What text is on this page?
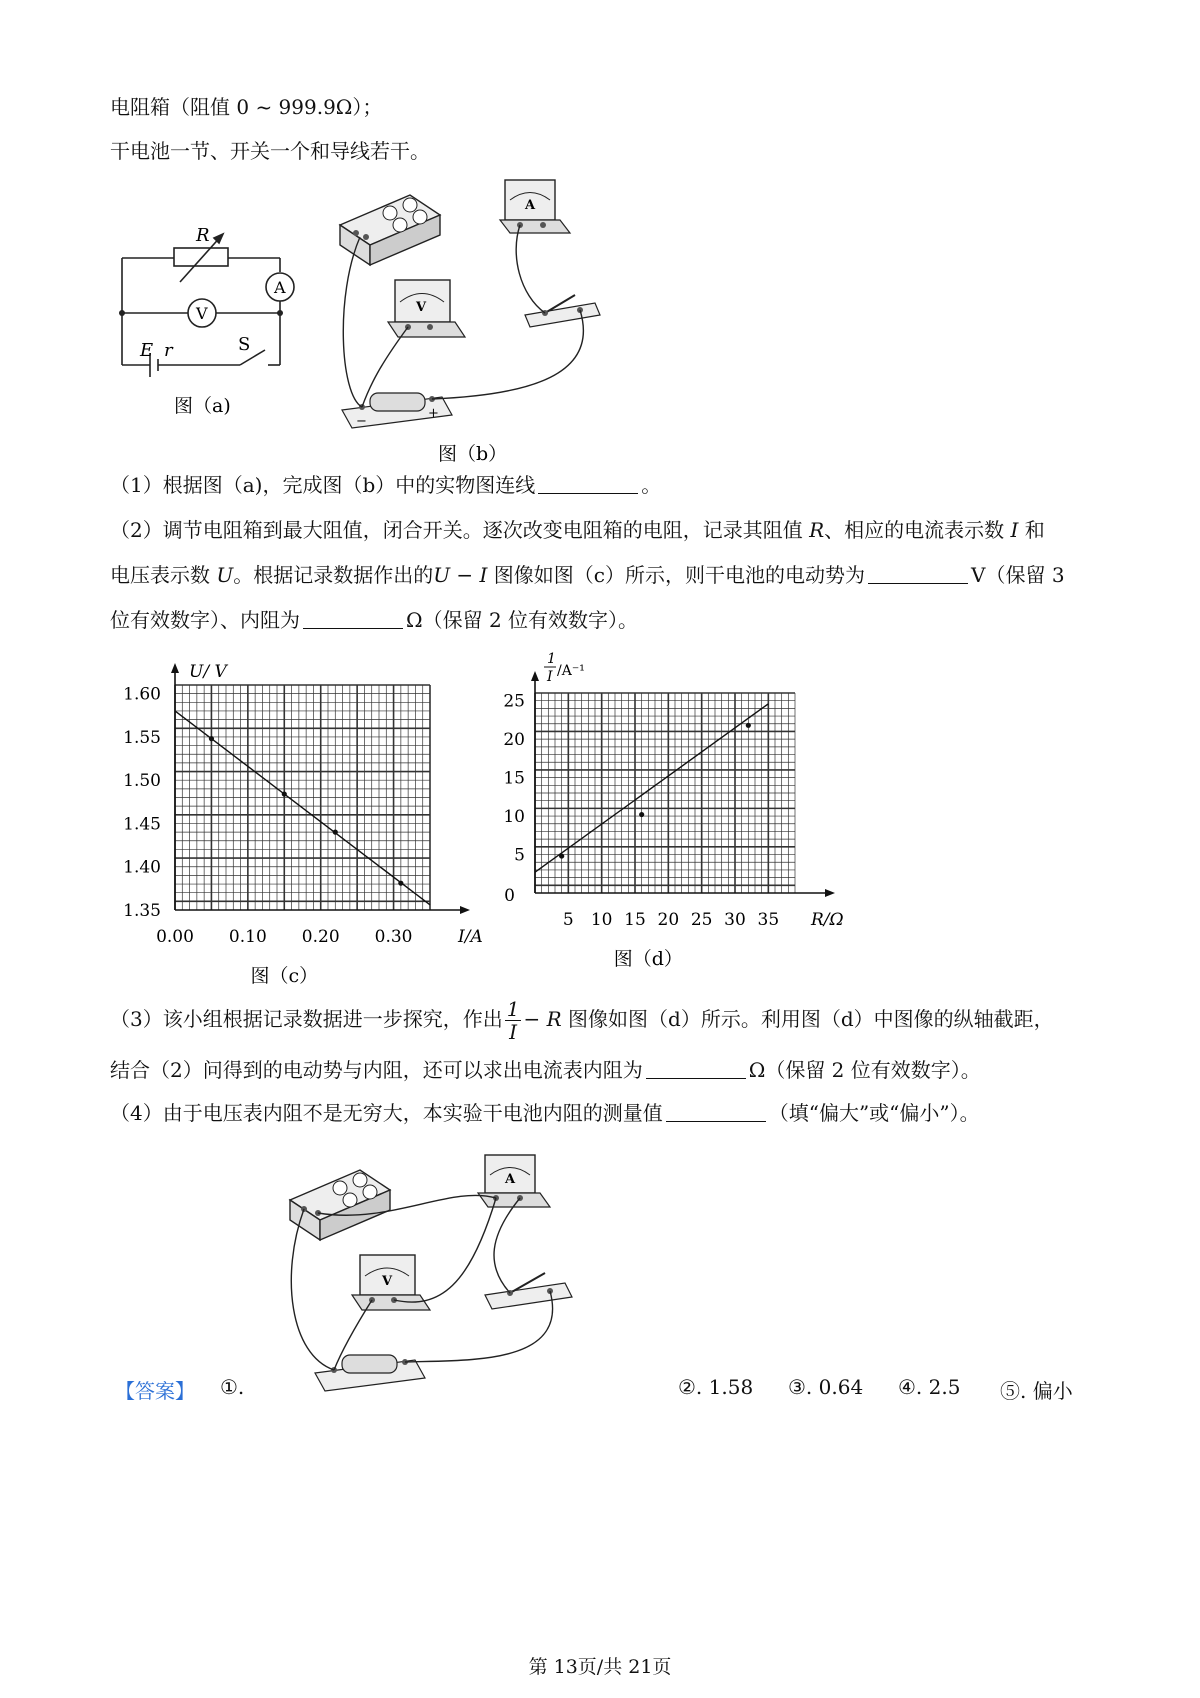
电阻箱（阻值 0 ~ 999.9Ω）；
干电池一节、开关一个和导线若干。
R
A
V
E r	S
图（a)
A
V
−
+
图（b）
（1）根据图（a)，完成图（b）中的实物图连线	。
（2）调节电阻箱到最大阻值，闭合开关。逐次改变电阻箱的电阻，记录其阻值 R、相应的电流表示数 I 和
电压表示数 U。根据记录数据作出的U − I 图像如图（c）所示，则干电池的电动势为	V（保留 3
位有效数字）、内阻为	Ω（保留 2 位有效数字）。
1.35
1.40
1.45
1.50
1.55
1.60
0.00 0.10 0.20 0.30
U/ V
I/A
图（c）
5
10
15
20
25
0
5 10 15 20 25 30 35
1
I /A⁻¹
R/Ω
图（d）
（3）该小组根据记录数据进一步探究，作出 $\frac{1}{I} - R$ 图像如图（d）所示。利用图（d）中图像的纵轴截距，
结合（2）问得到的电动势与内阻，还可以求出电流表内阻为	Ω（保留 2 位有效数字）。
（4）由于电压表内阻不是无穷大，本实验干电池内阻的测量值	（填“偏大”或“偏小”）。
【答案】 ①.
A
V
②. 1.58 ③. 0.64 ④. 2.5 ⑤. 偏小
第 13页/共 21页
